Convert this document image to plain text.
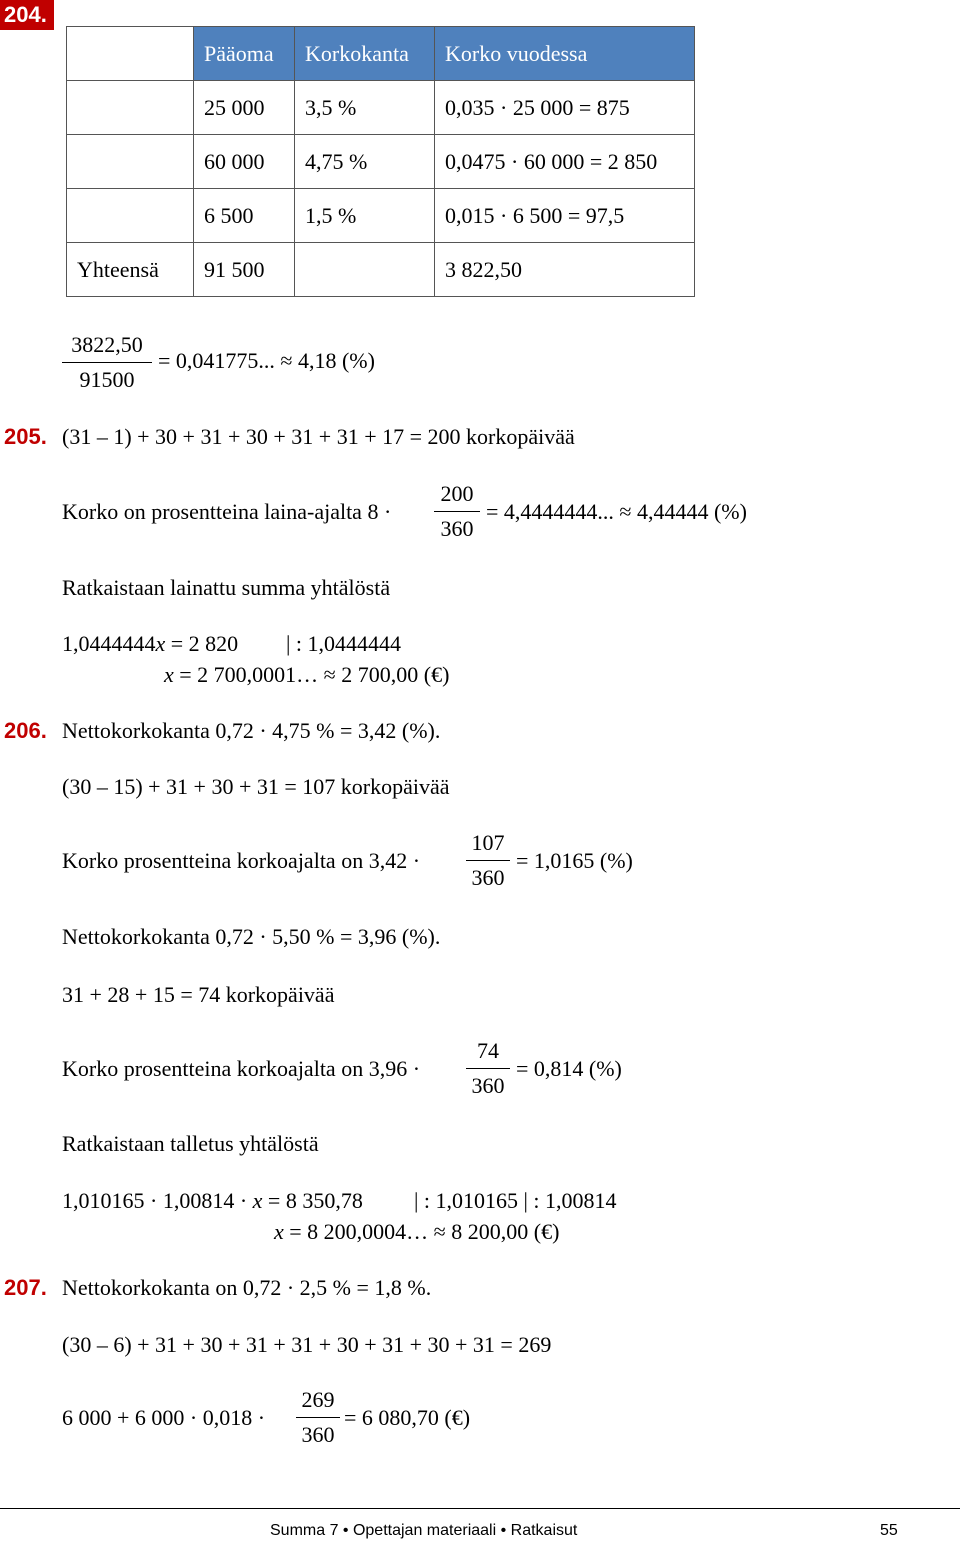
204.
	Pääoma	Korkokanta	Korko vuodessa
	25 000	3,5 %	0,035 · 25 000 = 875
	60 000	4,75 %	0,0475 · 60 000 = 2 850
	6 500	1,5 %	0,015 · 6 500 = 97,5
Yhteensä	91 500		3 822,50
3822,50
91500
= 0,041775... ≈ 4,18 (%)
205. (31 – 1) + 30 + 31 + 30 + 31 + 31 + 17 = 200 korkopäivää
Korko on prosentteina laina-ajalta 8 ·
200
360
= 4,4444444... ≈ 4,44444 (%)
Ratkaistaan lainattu summa yhtälöstä
1,0444444x = 2 820 | : 1,0444444
x = 2 700,0001… ≈ 2 700,00 (€)
206. Nettokorkokanta 0,72 · 4,75 % = 3,42 (%).
(30 – 15) + 31 + 30 + 31 = 107 korkopäivää
Korko prosentteina korkoajalta on 3,42 ·
107
360
= 1,0165 (%)
Nettokorkokanta 0,72 · 5,50 % = 3,96 (%).
31 + 28 + 15 = 74 korkopäivää
Korko prosentteina korkoajalta on 3,96 ·
74
360
= 0,814 (%)
Ratkaistaan talletus yhtälöstä
1,010165 · 1,00814 · x = 8 350,78 | : 1,010165 | : 1,00814
x = 8 200,0004… ≈ 8 200,00 (€)
207. Nettokorkokanta on 0,72 · 2,5 % = 1,8 %.
(30 – 6) + 31 + 30 + 31 + 31 + 30 + 31 + 30 + 31 = 269
6 000 + 6 000 · 0,018 ·
269
360
= 6 080,70 (€)
Summa 7 • Opettajan materiaali • Ratkaisut	55
